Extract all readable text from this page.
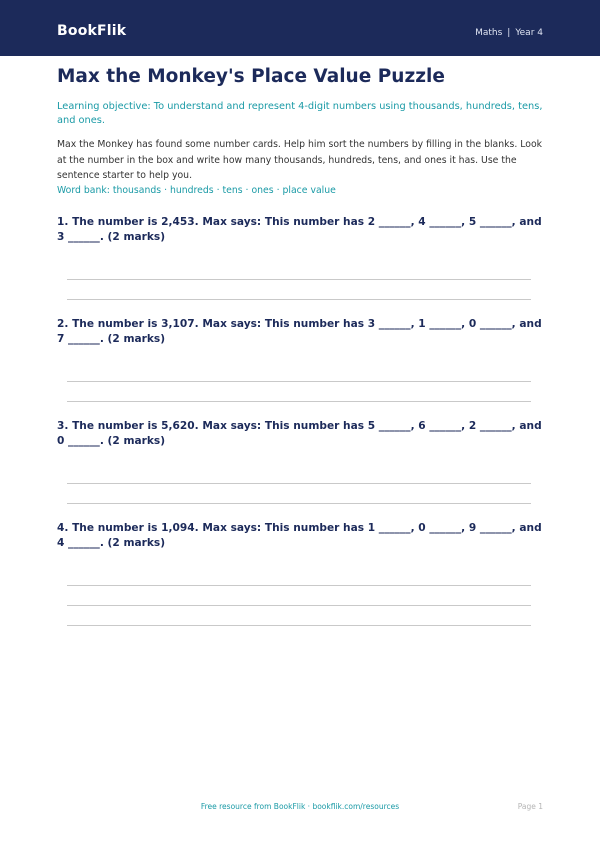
BookFlik	Maths | Year 4
Max the Monkey's Place Value Puzzle
Learning objective: To understand and represent 4-digit numbers using thousands, hundreds, tens, and ones.
Max the Monkey has found some number cards. Help him sort the numbers by filling in the blanks. Look at the number in the box and write how many thousands, hundreds, tens, and ones it has. Use the sentence starter to help you.
Word bank: thousands · hundreds · tens · ones · place value
1. The number is 2,453. Max says: This number has 2 ______, 4 ______, 5 ______, and 3 ______. (2 marks)
2. The number is 3,107. Max says: This number has 3 ______, 1 ______, 0 ______, and 7 ______. (2 marks)
3. The number is 5,620. Max says: This number has 5 ______, 6 ______, 2 ______, and 0 ______. (2 marks)
4. The number is 1,094. Max says: This number has 1 ______, 0 ______, 9 ______, and 4 ______. (2 marks)
Free resource from BookFlik · bookflik.com/resources	Page 1
